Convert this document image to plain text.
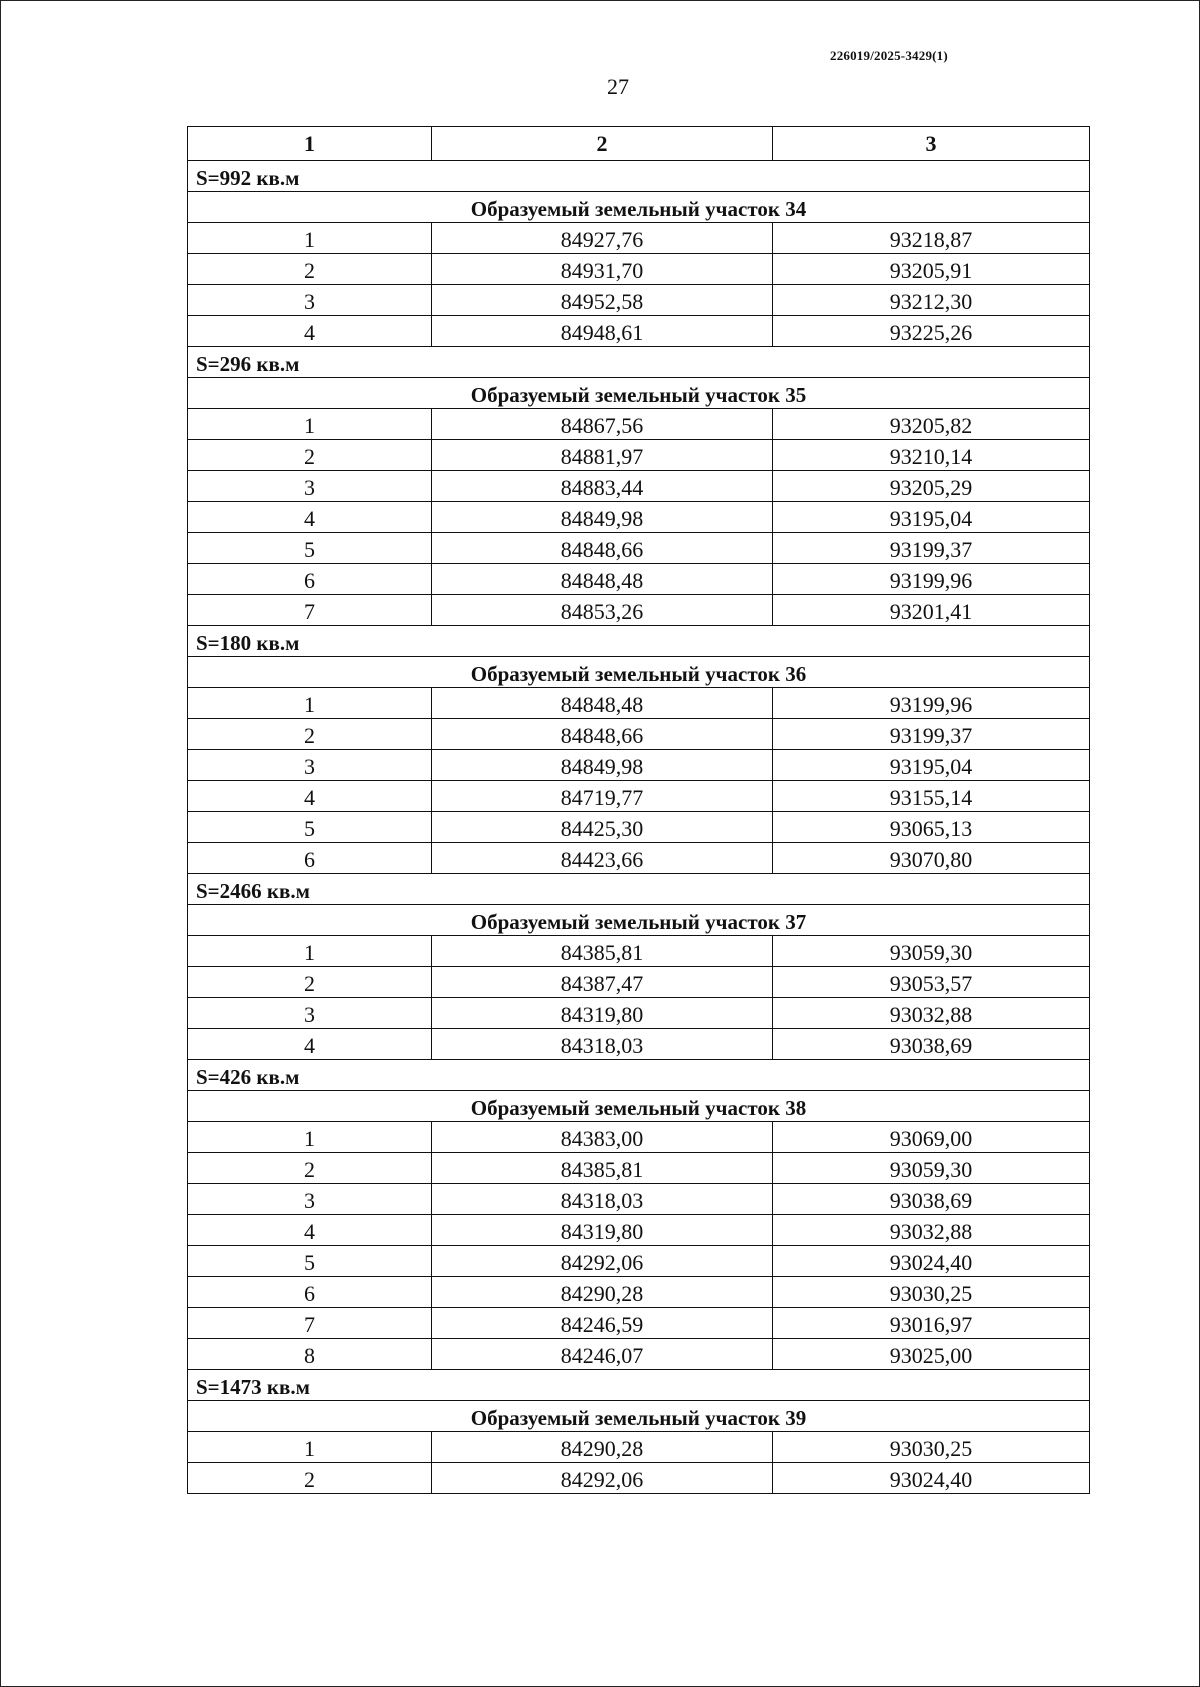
226019/2025-3429(1)
27
1	2	3
S=992 кв.м		
Образуемый земельный участок 34		
1	84927,76	93218,87
2	84931,70	93205,91
3	84952,58	93212,30
4	84948,61	93225,26
S=296 кв.м		
Образуемый земельный участок 35		
1	84867,56	93205,82
2	84881,97	93210,14
3	84883,44	93205,29
4	84849,98	93195,04
5	84848,66	93199,37
6	84848,48	93199,96
7	84853,26	93201,41
S=180 кв.м		
Образуемый земельный участок 36		
1	84848,48	93199,96
2	84848,66	93199,37
3	84849,98	93195,04
4	84719,77	93155,14
5	84425,30	93065,13
6	84423,66	93070,80
S=2466 кв.м		
Образуемый земельный участок 37		
1	84385,81	93059,30
2	84387,47	93053,57
3	84319,80	93032,88
4	84318,03	93038,69
S=426 кв.м		
Образуемый земельный участок 38		
1	84383,00	93069,00
2	84385,81	93059,30
3	84318,03	93038,69
4	84319,80	93032,88
5	84292,06	93024,40
6	84290,28	93030,25
7	84246,59	93016,97
8	84246,07	93025,00
S=1473 кв.м		
Образуемый земельный участок 39		
1	84290,28	93030,25
2	84292,06	93024,40
